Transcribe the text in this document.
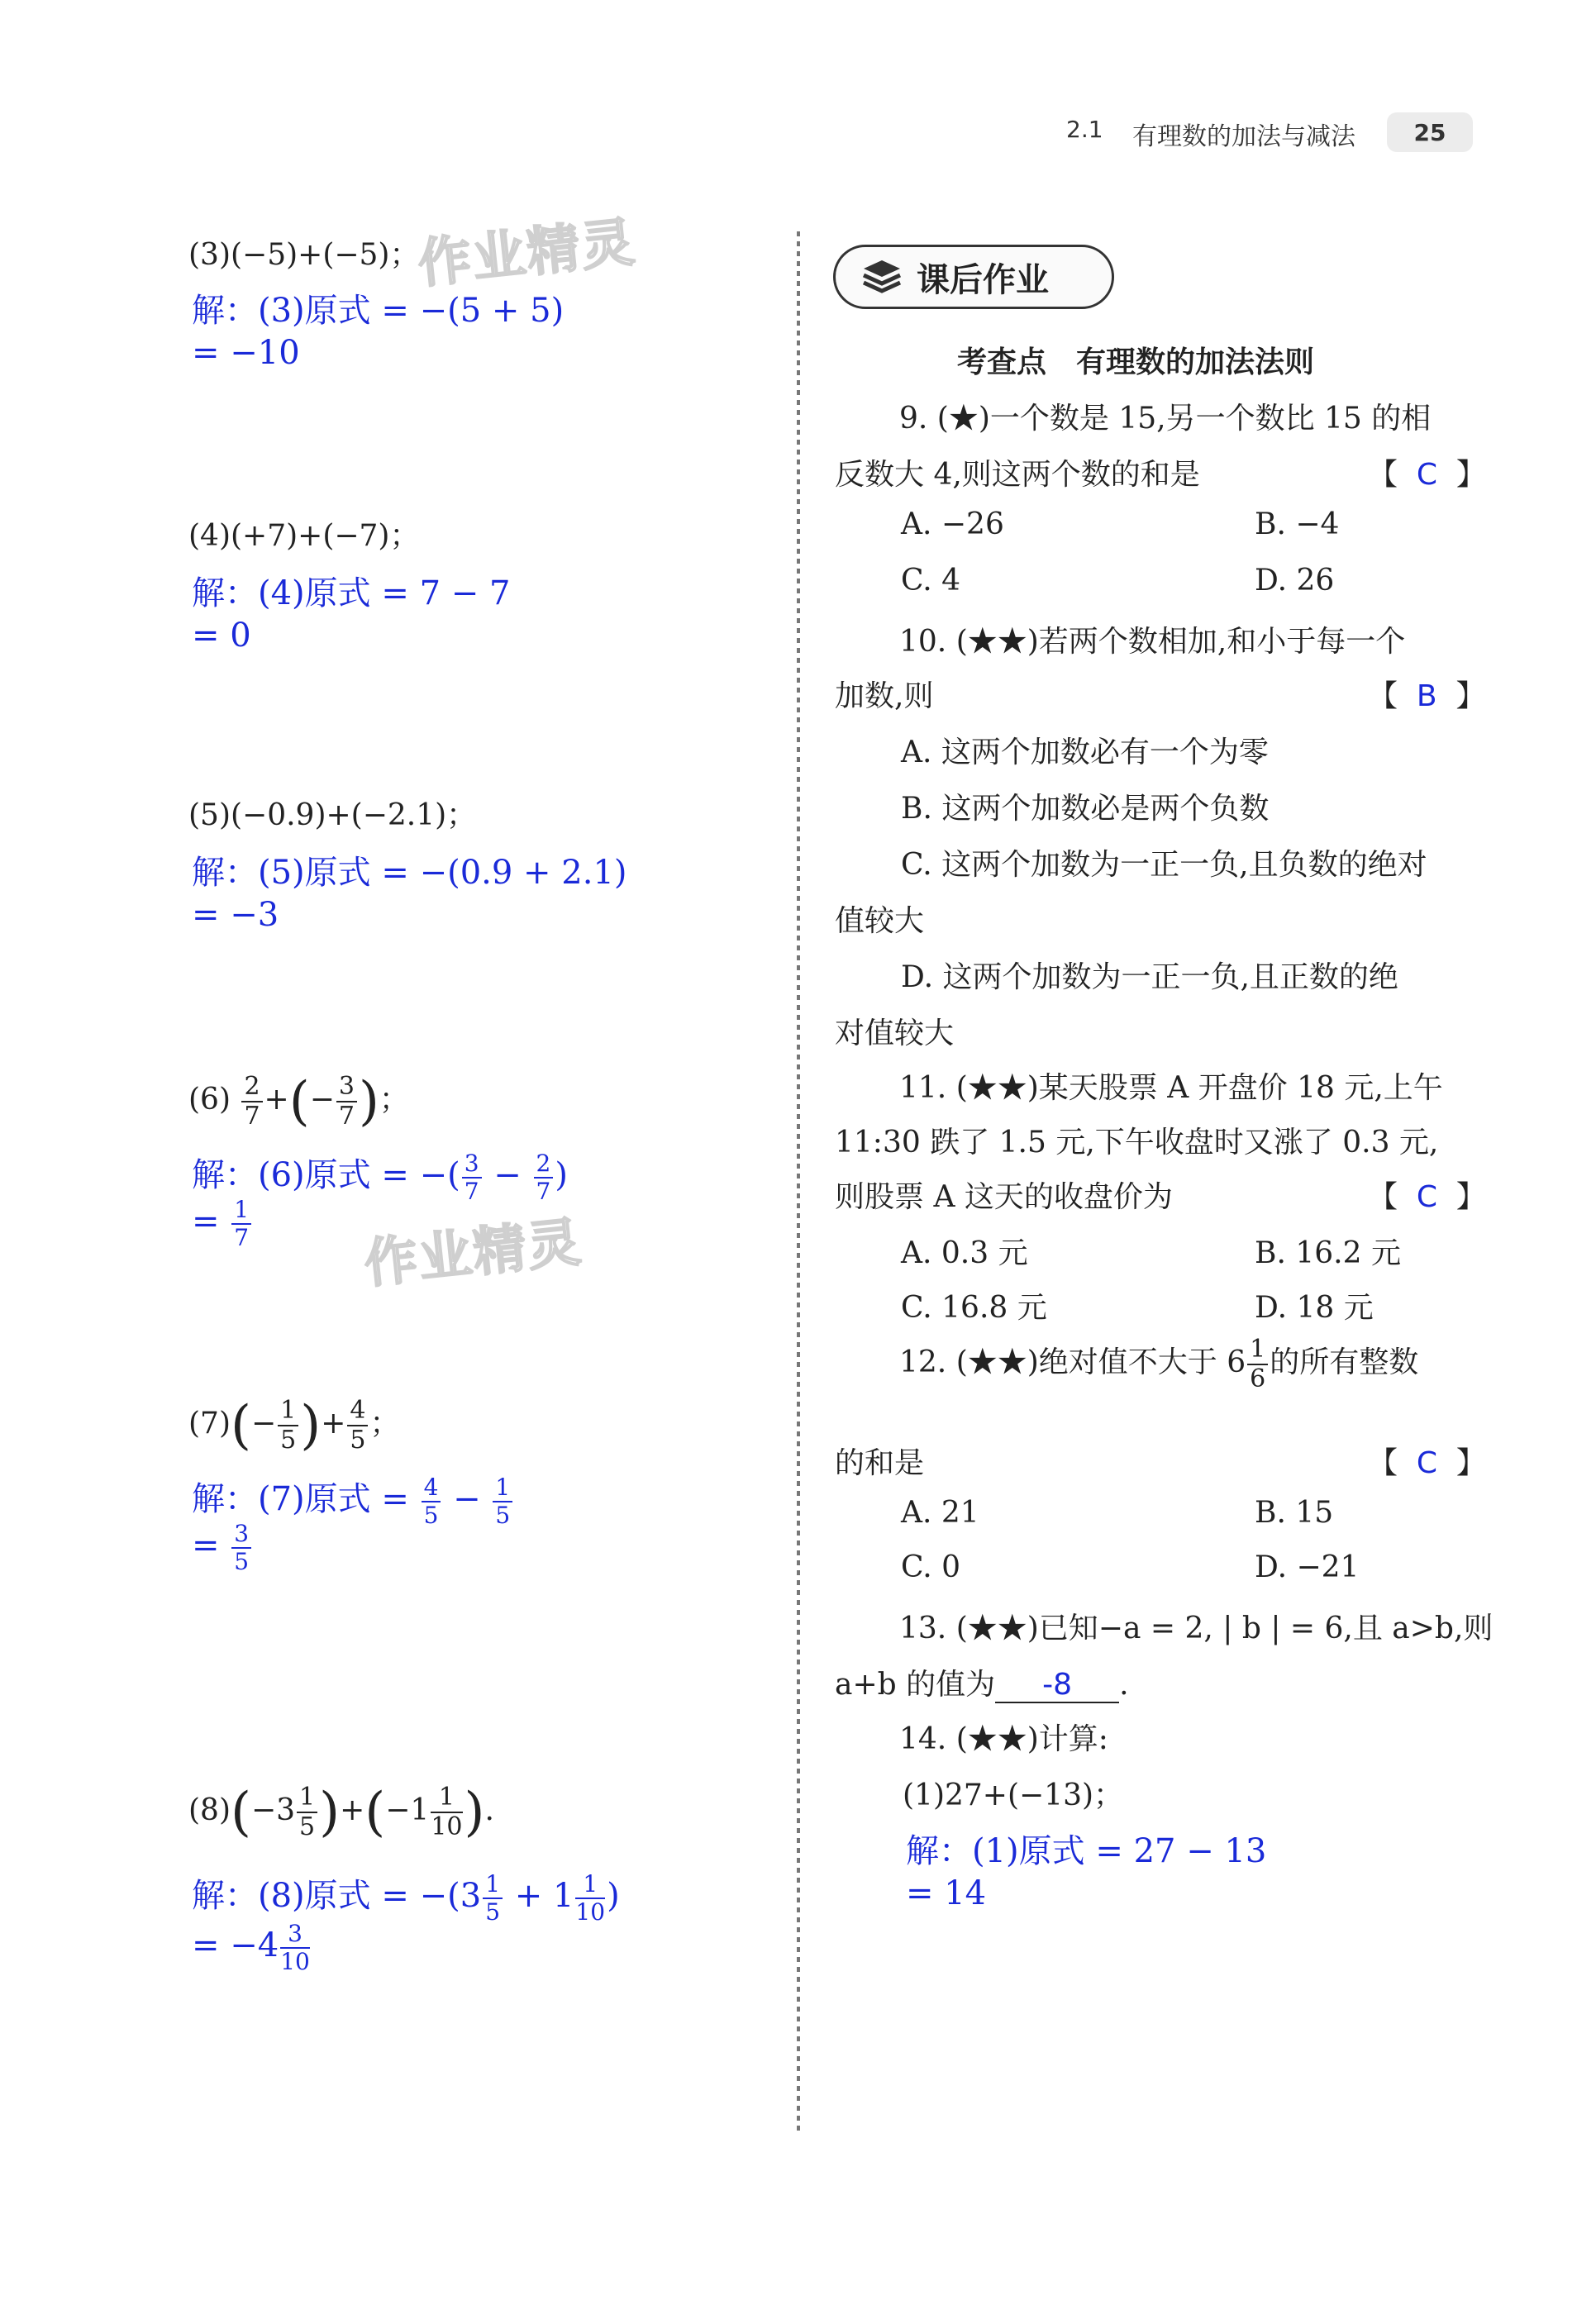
2.1 有理数的加法与减法	25
作业精灵
作业精灵
(3)(−5)+(−5)；
解：(3)原式 = −(5 + 5)
= −10
(4)(+7)+(−7)；
解：(4)原式 = 7 − 7
= 0
(5)(−0.9)+(−2.1)；
解：(5)原式 = −(0.9 + 2.1)
= −3
$(6) \frac{2}{7}$ +(− $\frac{3}{7}$ )；
解：(6)原式 = −( $\frac{3}{7} - \frac{2}{7}$ )
= $\frac{1}{7}$
$(7)(- \frac{1}{5}$ )+ $\frac{4}{5}$ ；
解：(7)原式 = $\frac{4}{5} - \frac{1}{5}$
= $\frac{3}{5}$
$(8)(-3 \frac{1}{5} )+(-1 \frac{1}{10}$ ).
解：(8)原式 = $-(3 \frac{1}{5} + 1 \frac{1}{10}$ )
= $-4 \frac{3}{10}$
课后作业
考查点　有理数的加法法则
9. (★)一个数是 15,另一个数比 15 的相
反数大 4,则这两个数的和是	【  C  】
A. −26	B. −4
C. 4	D. 26
10. (★★)若两个数相加,和小于每一个
加数,则	【  B  】
A. 这两个加数必有一个为零
B. 这两个加数必是两个负数
C. 这两个加数为一正一负,且负数的绝对
值较大
D. 这两个加数为一正一负,且正数的绝
对值较大
11. (★★)某天股票 A 开盘价 18 元,上午
11:30 跌了 1.5 元,下午收盘时又涨了 0.3 元,
则股票 A 这天的收盘价为	【  C  】
A. 0.3 元	B. 16.2 元
C. 16.8 元	D. 18 元
12. (★★)绝对值不大于 $6 \frac{1}{6}$ 的所有整数
的和是	【  C  】
A. 21	B. 15
C. 0	D. −21
13. (★★)已知−a = 2, | b | = 6,且 a>b,则
a+b 的值为 -8 .
14. (★★)计算:
(1)27+(−13)；
解：(1)原式 = 27 − 13
= 14
